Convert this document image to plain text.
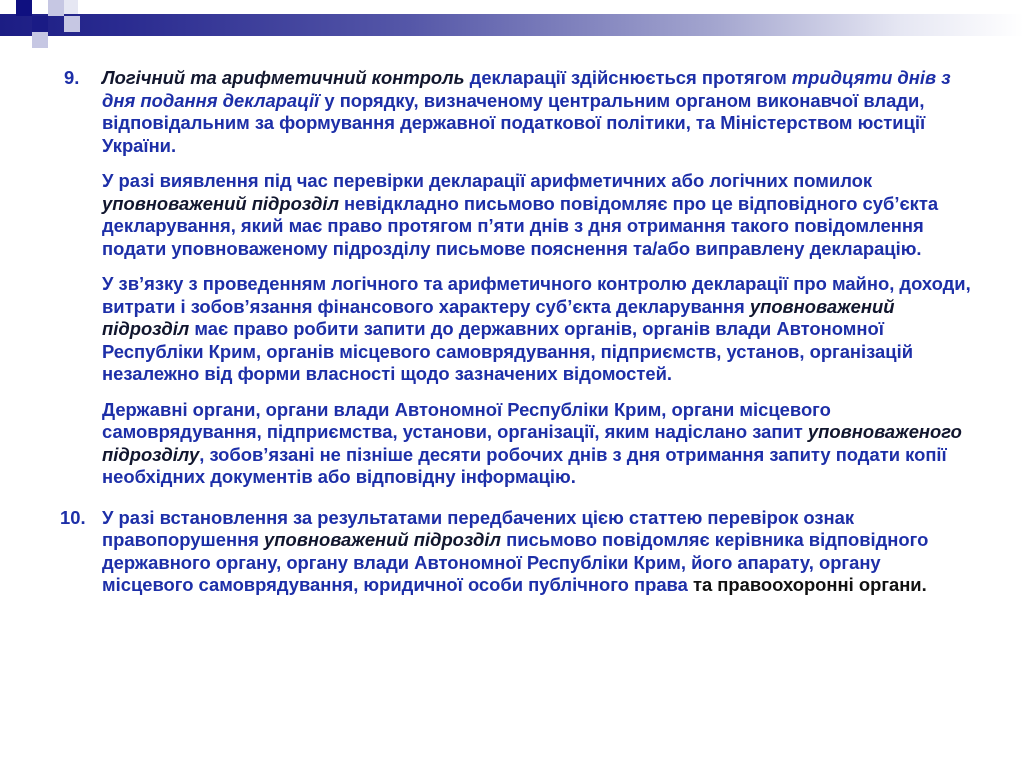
9. Логічний та арифметичний контроль декларації здійснюється протягом тридцяти днів з дня подання декларації у порядку, визначеному центральним органом виконавчої влади, відповідальним за формування державної податкової політики, та Міністерством юстиції України.

У разі виявлення під час перевірки декларації арифметичних або логічних помилок уповноважений підрозділ невідкладно письмово повідомляє про це відповідного суб’єкта декларування, який має право протягом п’яти днів з дня отримання такого повідомлення подати уповноваженому підрозділу письмове пояснення та/або виправлену декларацію.

У зв’язку з проведенням логічного та арифметичного контролю декларації про майно, доходи, витрати і зобов’язання фінансового характеру суб’єкта декларування уповноважений підрозділ має право робити запити до державних органів, органів влади Автономної Республіки Крим, органів місцевого самоврядування, підприємств, установ, організацій незалежно від форми власності щодо зазначених відомостей.

Державні органи, органи влади Автономної Республіки Крим, органи місцевого самоврядування, підприємства, установи, організації, яким надіслано запит уповноваженого підрозділу, зобов’язані не пізніше десяти робочих днів з дня отримання запиту подати копії необхідних документів або відповідну інформацію.

10. У разі встановлення за результатами передбачених цією статтею перевірок ознак правопорушення уповноважений підрозділ письмово повідомляє керівника відповідного державного органу, органу влади Автономної Республіки Крим, його апарату, органу місцевого самоврядування, юридичної особи публічного права та правоохоронні органи.
